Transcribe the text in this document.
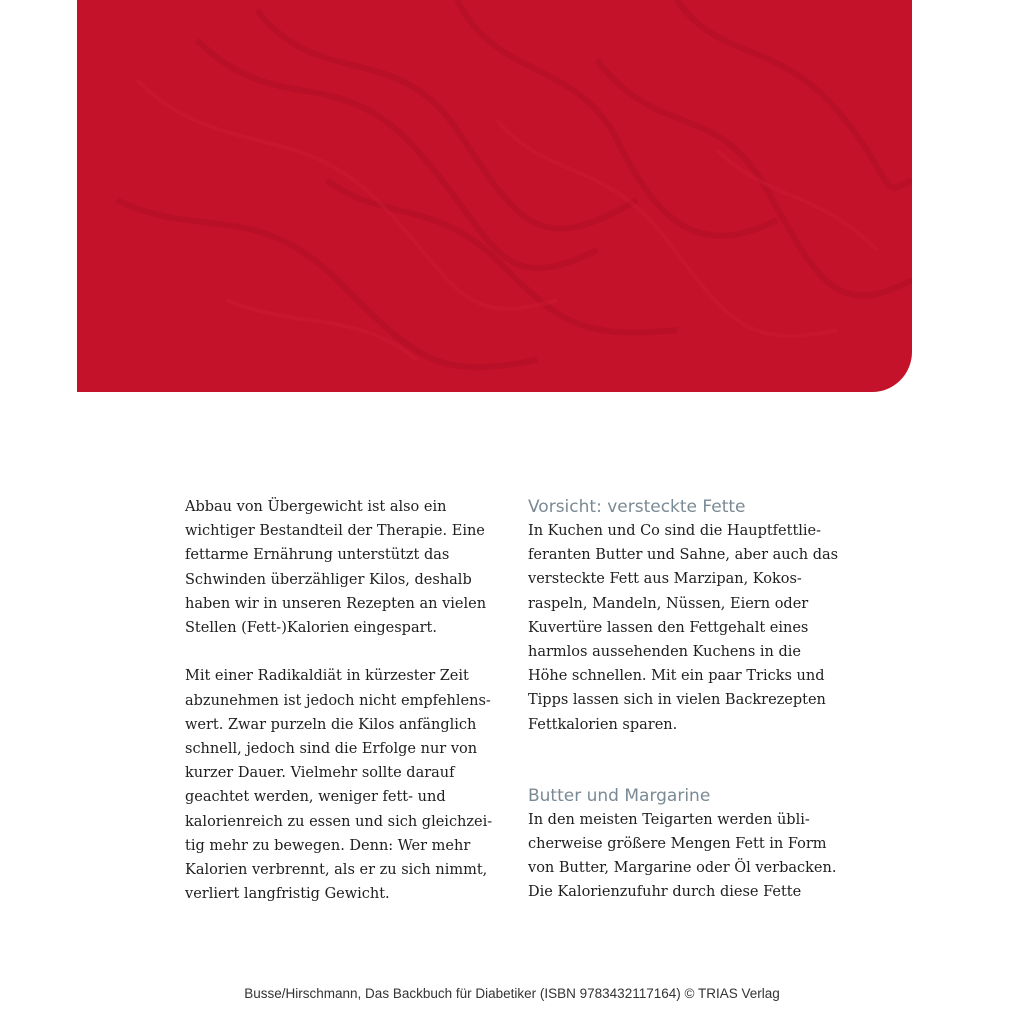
Abbau von Übergewicht ist also ein
wichtiger Bestandteil der Therapie. Eine
fettarme Ernährung unterstützt das
Schwinden überzähliger Kilos, deshalb
haben wir in unseren Rezepten an vielen
Stellen (Fett-)Kalorien eingespart.
Mit einer Radikaldiät in kürzester Zeit
abzunehmen ist jedoch nicht empfehlens-
wert. Zwar purzeln die Kilos anfänglich
schnell, jedoch sind die Erfolge nur von
kurzer Dauer. Vielmehr sollte darauf
geachtet werden, weniger fett- und
kalorienreich zu essen und sich gleichzei-
tig mehr zu bewegen. Denn: Wer mehr
Kalorien verbrennt, als er zu sich nimmt,
verliert langfristig Gewicht.
Vorsicht: versteckte Fette
In Kuchen und Co sind die Hauptfettlie-
feranten Butter und Sahne, aber auch das
versteckte Fett aus Marzipan, Kokos-
raspeln, Mandeln, Nüssen, Eiern oder
Kuvertüre lassen den Fettgehalt eines
harmlos aussehenden Kuchens in die
Höhe schnellen. Mit ein paar Tricks und
Tipps lassen sich in vielen Backrezepten
Fettkalorien sparen.
Butter und Margarine
In den meisten Teigarten werden übli-
cherweise größere Mengen Fett in Form
von Butter, Margarine oder Öl verbacken.
Die Kalorienzufuhr durch diese Fette
Busse/Hirschmann, Das Backbuch für Diabetiker (ISBN 9783432117164) © TRIAS Verlag
